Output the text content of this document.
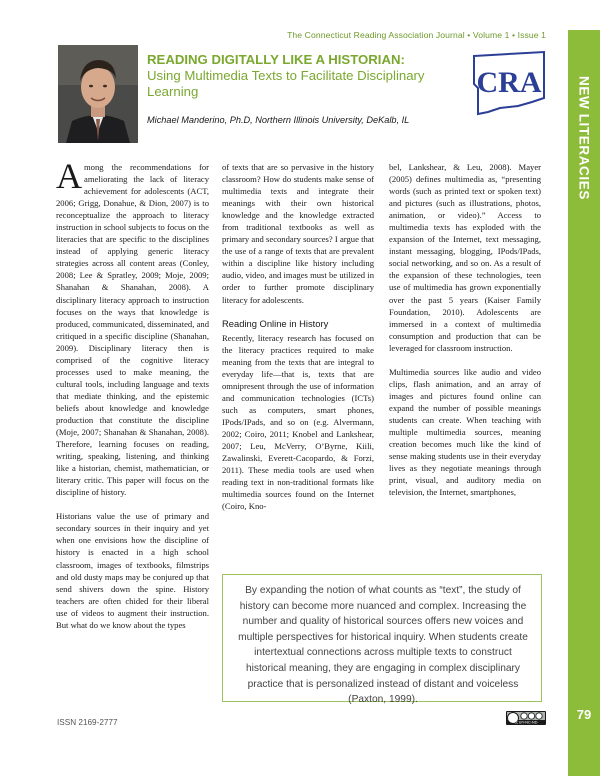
The Connecticut Reading Association Journal • Volume 1 • Issue 1
NEW LITERACIES
READING DIGITALLY LIKE A HISTORIAN:
Using Multimedia Texts to Facilitate Disciplinary Learning	CRA
Michael Manderino, Ph.D, Northern Illinois University, DeKalb, IL

Among the recommendations for ameliorating the lack of literacy achievement for adolescents (ACT, 2006; Grigg, Donahue, & Dion, 2007) is to reconceptualize the approach to literacy instruction in school subjects to focus on the literacies that are specific to the disciplines instead of applying generic literacy strategies across all content areas (Conley, 2008; Lee & Spratley, 2009; Moje, 2009; Shanahan & Shanahan, 2008). A disciplinary literacy approach to instruction focuses on the ways that knowledge is produced, communicated, disseminated, and critiqued in a specific discipline (Shanahan, 2009). Disciplinary literacy then is comprised of the cognitive literacy processes used to make meaning, the cultural tools, including language and texts that mediate thinking, and the epistemic beliefs about knowledge and knowledge production that constitute the discipline (Moje, 2007; Shanahan & Shanahan, 2008). Therefore, learning focuses on reading, writing, speaking, listening, and thinking like a historian, chemist, mathematician, or literary critic. This paper will focus on the discipline of history.

Historians value the use of primary and secondary sources in their inquiry and yet when one envisions how the discipline of history is enacted in a high school classroom, images of textbooks, filmstrips and old dusty maps may be conjured up that send shivers down the spine. History teachers are often chided for their liberal use of videos to augment their instruction. But what do we know about the types

of texts that are so pervasive in the history classroom? How do students make sense of multimedia texts and integrate their meanings with their own historical knowledge and the knowledge extracted from traditional textbooks as well as primary and secondary sources? I argue that the use of a range of texts that are prevalent within a discipline like history including audio, video, and images must be utilized in order to further promote disciplinary literacy for adolescents.

Reading Online in History

Recently, literacy research has focused on the literacy practices required to make meaning from the texts that are integral to everyday life—that is, texts that are omnipresent through the use of information and communication technologies (ICTs) such as computers, smart phones, IPods/IPads, and so on (e.g. Alvermann, 2002; Coiro, 2011; Knobel and Lankshear, 2007; Leu, McVerry, O’Byrne, Kiili, Zawalinski, Everett-Cacopardo, & Forzi, 2011). These media tools are used when reading text in non-traditional formats like multimedia sources found on the Internet (Coiro, Kno-

bel, Lankshear, & Leu, 2008). Mayer (2005) defines multimedia as, “presenting words (such as printed text or spoken text) and pictures (such as illustrations, photos, animation, or video).” Access to multimedia texts has exploded with the expansion of the Internet, text messaging, instant messaging, blogging, IPods/IPads, social networking, and so on. As a result of the expansion of these technologies, teen use of multimedia has grown exponentially over the past 5 years (Kaiser Family Foundation, 2010). Adolescents are immersed in a context of multimedia consumption and production that can be leveraged for classroom instruction.

Multimedia sources like audio and video clips, flash animation, and an array of images and pictures found online can expand the number of possible meanings students can create. When teaching with multiple multimedia sources, meaning creation becomes much like the kind of sense making students use in their everyday lives as they negotiate meanings through print, visual, and auditory media on television, the Internet, smartphones,

By expanding the notion of what counts as “text”, the study of history can become more nuanced and complex. Increasing the number and quality of historical sources offers new voices and multiple perspectives for historical inquiry. When students create intertextual connections across multiple texts to construct historical meaning, they are engaging in complex disciplinary practice that is personalized instead of distant and voiceless (Paxton, 1999).
ISSN 2169-2777	cc BY-NC-ND
79
